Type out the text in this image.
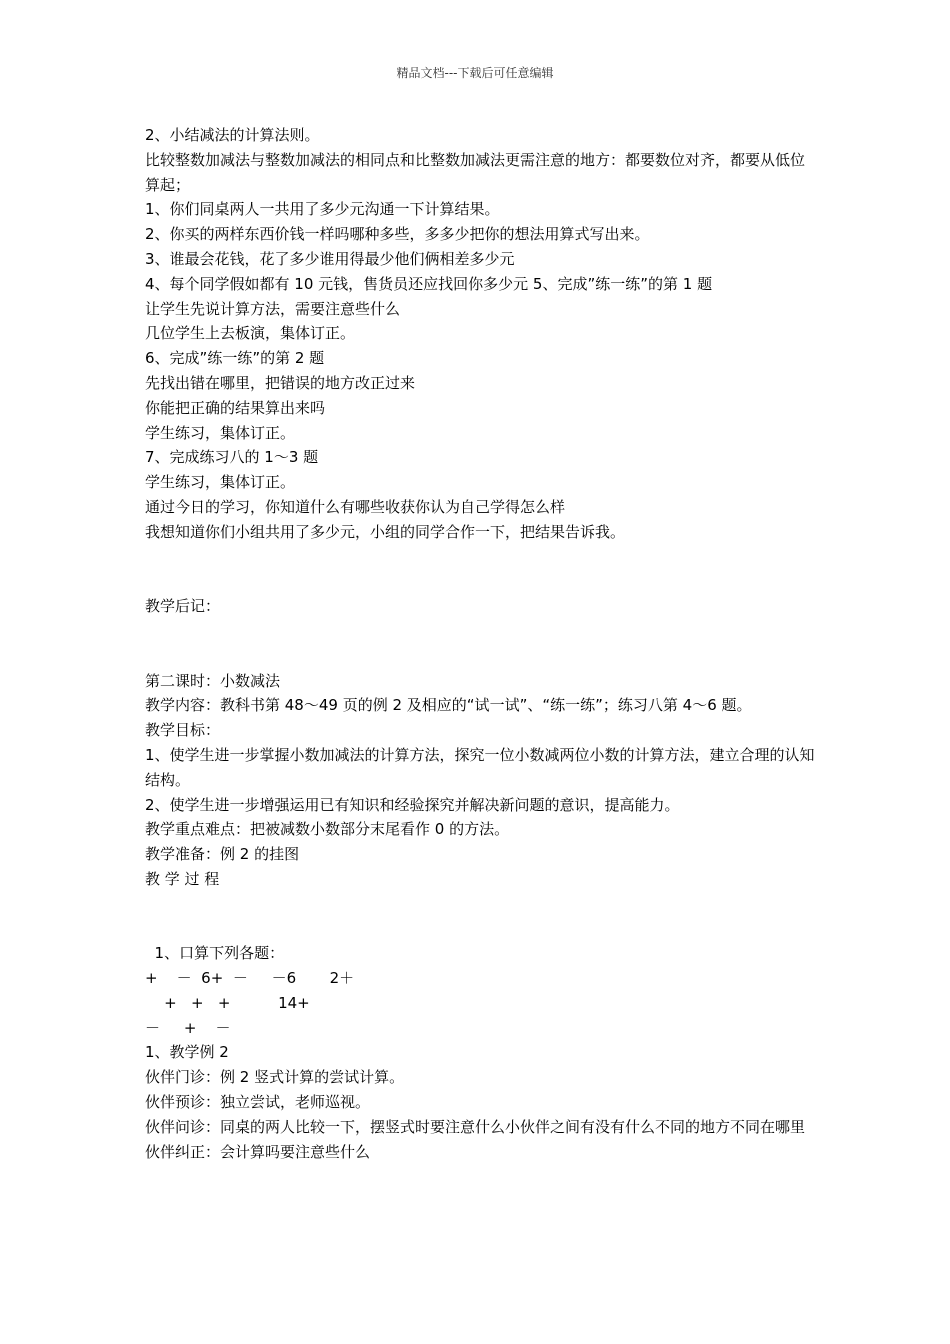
精品文档---下载后可任意编辑
2、小结减法的计算法则。
比较整数加减法与整数加减法的相同点和比整数加减法更需注意的地方：都要数位对齐，都要从低位算起；
1、你们同桌两人一共用了多少元沟通一下计算结果。
2、你买的两样东西价钱一样吗哪种多些，多多少把你的想法用算式写出来。
3、谁最会花钱，花了多少谁用得最少他们俩相差多少元
4、每个同学假如都有 10 元钱，售货员还应找回你多少元 5、完成”练一练”的第 1 题
让学生先说计算方法，需要注意些什么
几位学生上去板演，集体订正。
6、完成”练一练”的第 2 题
先找出错在哪里，把错误的地方改正过来
你能把正确的结果算出来吗
学生练习，集体订正。
7、完成练习八的 1～3 题
学生练习，集体订正。
通过今日的学习，你知道什么有哪些收获你认为自己学得怎么样
我想知道你们小组共用了多少元，小组的同学合作一下，把结果告诉我。
教学后记：
第二课时：小数减法
教学内容：教科书第 48～49 页的例 2 及相应的“试一试”、“练一练”；练习八第 4～6 题。
教学目标：
1、使学生进一步掌握小数加减法的计算方法，探究一位小数减两位小数的计算方法，建立合理的认知结构。
2、使学生进一步增强运用已有知识和经验探究并解决新问题的意识，提高能力。
教学重点难点：把被减数小数部分末尾看作 0 的方法。
教学准备：例 2 的挂图
教 学 过 程
1、口算下列各题：
+    －  6+  －     －6       2＋
+   +   +          14+
－     +    －
1、教学例 2
伙伴门诊：例 2 竖式计算的尝试计算。
伙伴预诊：独立尝试，老师巡视。
伙伴问诊：同桌的两人比较一下，摆竖式时要注意什么小伙伴之间有没有什么不同的地方不同在哪里
伙伴纠正：会计算吗要注意些什么
